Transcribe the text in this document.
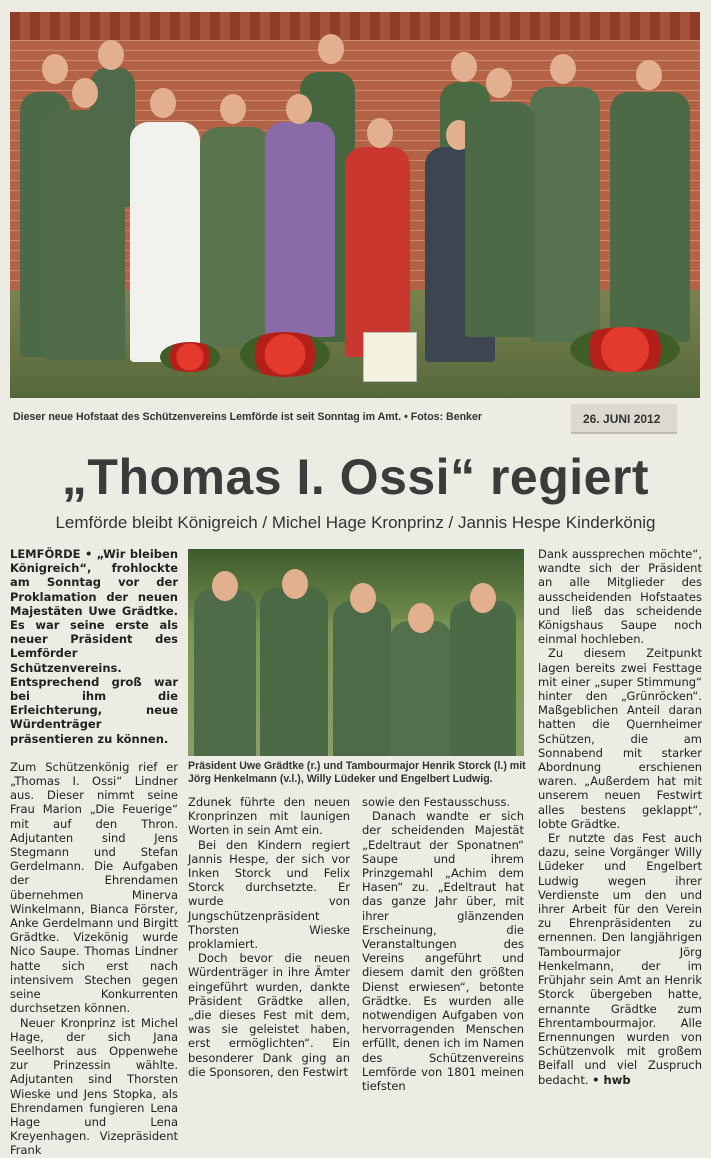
Dieser neue Hofstaat des Schützenvereins Lemförde ist seit Sonntag im Amt. • Fotos: Benker	26. JUNI 2012
„Thomas I. Ossi“ regiert
Lemförde bleibt Königreich / Michel Hage Kronprinz / Jannis Hespe Kinderkönig

LEMFÖRDE • „Wir bleiben Königreich“, frohlockte am Sonntag vor der Proklamation der neuen Majestäten Uwe Grädtke. Es war seine erste als neuer Präsident des Lemförder Schützenvereins. Entsprechend groß war bei ihm die Erleichterung, neue Würdenträger präsentieren zu können.

Zum Schützenkönig rief er „Thomas I. Ossi“ Lindner aus. Dieser nimmt seine Frau Marion „Die Feuerige“ mit auf den Thron. Adjutanten sind Jens Stegmann und Stefan Gerdelmann. Die Aufgaben der Ehrendamen übernehmen Minerva Winkelmann, Bianca Förster, Anke Gerdelmann und Birgitt Grädtke. Vizekönig wurde Nico Saupe. Thomas Lindner hatte sich erst nach intensivem Stechen gegen seine Konkurrenten durchsetzen können.

Neuer Kronprinz ist Michel Hage, der sich Jana Seelhorst aus Oppenwehe zur Prinzessin wählte. Adjutanten sind Thorsten Wieske und Jens Stopka, als Ehrendamen fungieren Lena Hage und Lena Kreyenhagen. Vizepräsident Frank

Präsident Uwe Grädtke (r.) und Tambourmajor Henrik Storck (l.) mit Jörg Henkelmann (v.l.), Willy Lüdeker und Engelbert Ludwig.

Zdunek führte den neuen Kronprinzen mit launigen Worten in sein Amt ein.

Bei den Kindern regiert Jannis Hespe, der sich vor Inken Storck und Felix Storck durchsetzte. Er wurde von Jungschützenpräsident Thorsten Wieske proklamiert.

Doch bevor die neuen Würdenträger in ihre Ämter eingeführt wurden, dankte Präsident Grädtke allen, „die dieses Fest mit dem, was sie geleistet haben, erst ermöglichten“. Ein besonderer Dank ging an die Sponsoren, den Festwirt

sowie den Festausschuss.

Danach wandte er sich der scheidenden Majestät „Edeltraut der Sponatnen“ Saupe und ihrem Prinzgemahl „Achim dem Hasen“ zu. „Edeltraut hat das ganze Jahr über, mit ihrer glänzenden Erscheinung, die Veranstaltungen des Vereins angeführt und diesem damit den größten Dienst erwiesen“, betonte Grädtke. Es wurden alle notwendigen Aufgaben von hervorragenden Menschen erfüllt, denen ich im Namen des Schützenvereins Lemförde von 1801 meinen tiefsten

Dank aussprechen möchte“, wandte sich der Präsident an alle Mitglieder des ausscheidenden Hofstaates und ließ das scheidende Königshaus Saupe noch einmal hochleben.

Zu diesem Zeitpunkt lagen bereits zwei Festtage mit einer „super Stimmung“ hinter den „Grünröcken“. Maßgeblichen Anteil daran hatten die Quernheimer Schützen, die am Sonnabend mit starker Abordnung erschienen waren. „Außerdem hat mit unserem neuen Festwirt alles bestens geklappt“, lobte Grädtke.

Er nutzte das Fest auch dazu, seine Vorgänger Willy Lüdeker und Engelbert Ludwig wegen ihrer Verdienste um den und ihrer Arbeit für den Verein zu Ehrenpräsidenten zu ernennen. Den langjährigen Tambourmajor Jörg Henkelmann, der im Frühjahr sein Amt an Henrik Storck übergeben hatte, ernannte Grädtke zum Ehrentambourmajor. Alle Ernennungen wurden von Schützenvolk mit großem Beifall und viel Zuspruch bedacht. • hwb
